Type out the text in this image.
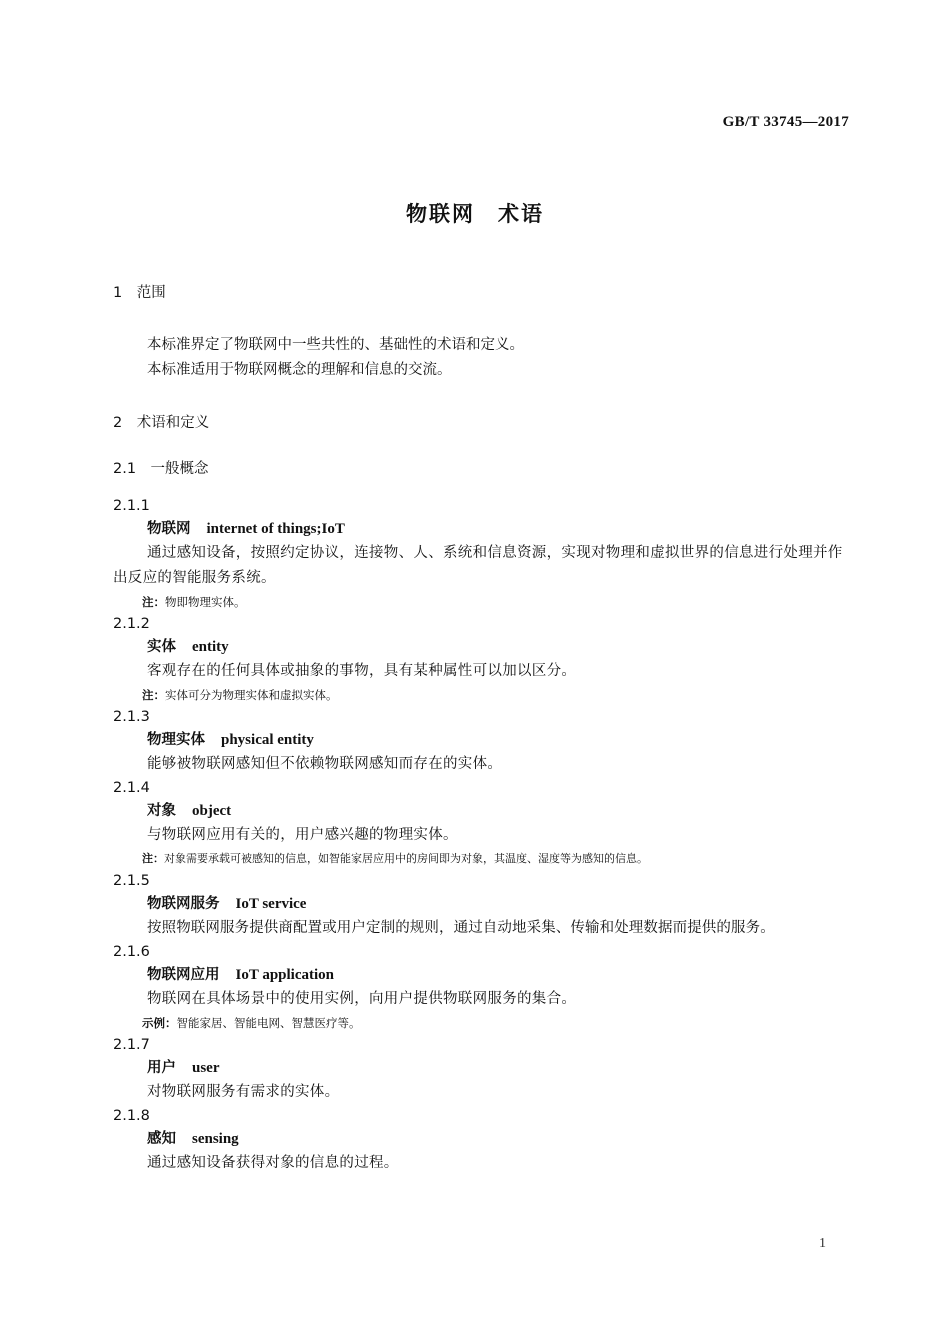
GB/T 33745—2017
物联网　术语
1　范围
本标准界定了物联网中一些共性的、基础性的术语和定义。
本标准适用于物联网概念的理解和信息的交流。
2　术语和定义
2.1　一般概念
2.1.1
物联网 internet of things;IoT
通过感知设备，按照约定协议，连接物、人、系统和信息资源，实现对物理和虚拟世界的信息进行处理并作出反应的智能服务系统。
注：物即物理实体。
2.1.2
实体 entity
客观存在的任何具体或抽象的事物，具有某种属性可以加以区分。
注：实体可分为物理实体和虚拟实体。
2.1.3
物理实体 physical entity
能够被物联网感知但不依赖物联网感知而存在的实体。
2.1.4
对象 object
与物联网应用有关的，用户感兴趣的物理实体。
注：对象需要承载可被感知的信息，如智能家居应用中的房间即为对象，其温度、湿度等为感知的信息。
2.1.5
物联网服务 IoT service
按照物联网服务提供商配置或用户定制的规则，通过自动地采集、传输和处理数据而提供的服务。
2.1.6
物联网应用 IoT application
物联网在具体场景中的使用实例，向用户提供物联网服务的集合。
示例：智能家居、智能电网、智慧医疗等。
2.1.7
用户 user
对物联网服务有需求的实体。
2.1.8
感知 sensing
通过感知设备获得对象的信息的过程。
1
